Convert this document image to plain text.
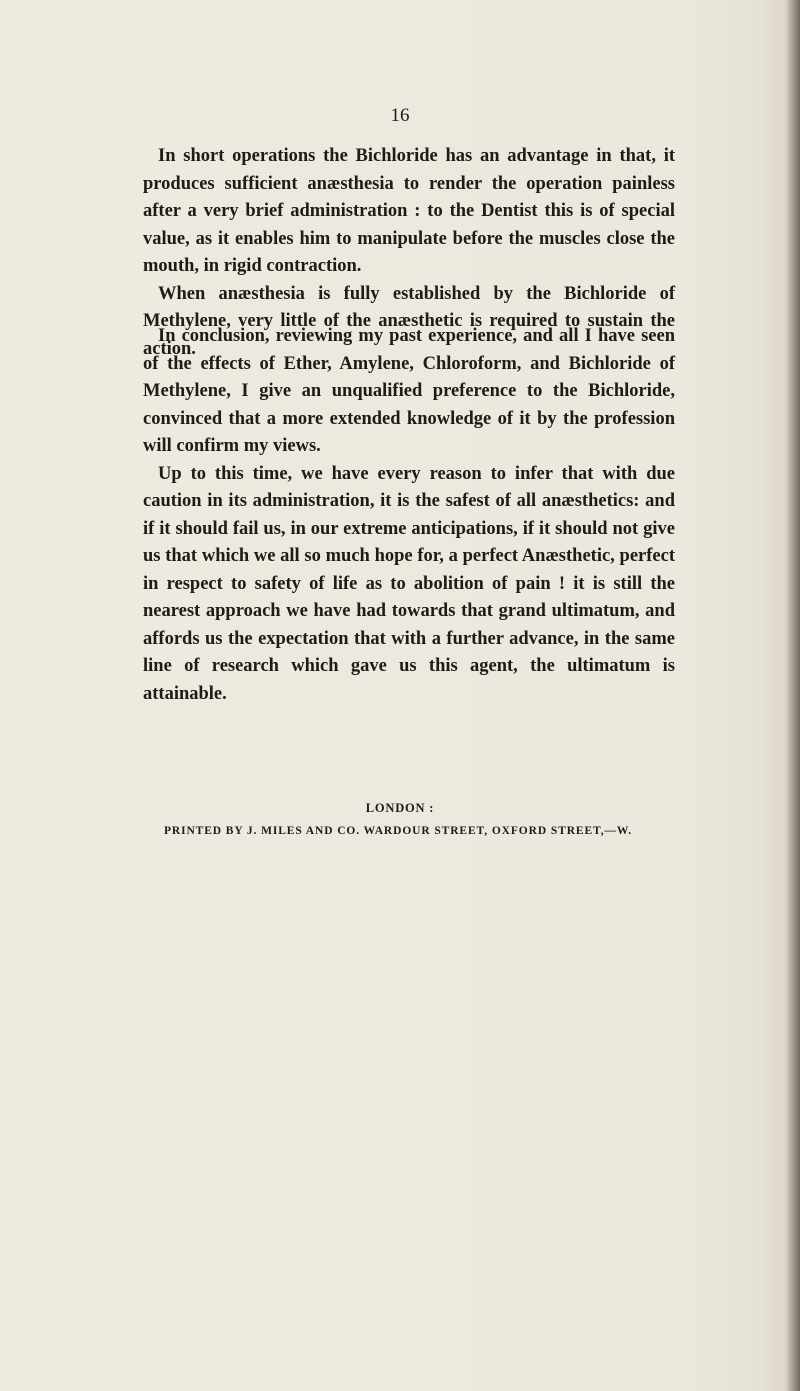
16

In short operations the Bichloride has an advantage in that, it produces sufficient anæsthesia to render the operation painless after a very brief administration : to the Dentist this is of special value, as it enables him to manipulate before the muscles close the mouth, in rigid contraction.

When anæsthesia is fully established by the Bichloride of Methylene, very little of the anæsthetic is required to sustain the action.

In conclusion, reviewing my past experience, and all I have seen of the effects of Ether, Amylene, Chloroform, and Bichloride of Methylene, I give an unqualified preference to the Bichloride, convinced that a more extended knowledge of it by the profession will confirm my views.

Up to this time, we have every reason to infer that with due caution in its administration, it is the safest of all anæsthetics: and if it should fail us, in our extreme anticipations, if it should not give us that which we all so much hope for, a perfect Anæsthetic, perfect in respect to safety of life as to abolition of pain ! it is still the nearest approach we have had towards that grand ultimatum, and affords us the expectation that with a further advance, in the same line of research which gave us this agent, the ultimatum is attainable.

LONDON :
PRINTED BY J. MILES AND CO. WARDOUR STREET, OXFORD STREET,—W.
